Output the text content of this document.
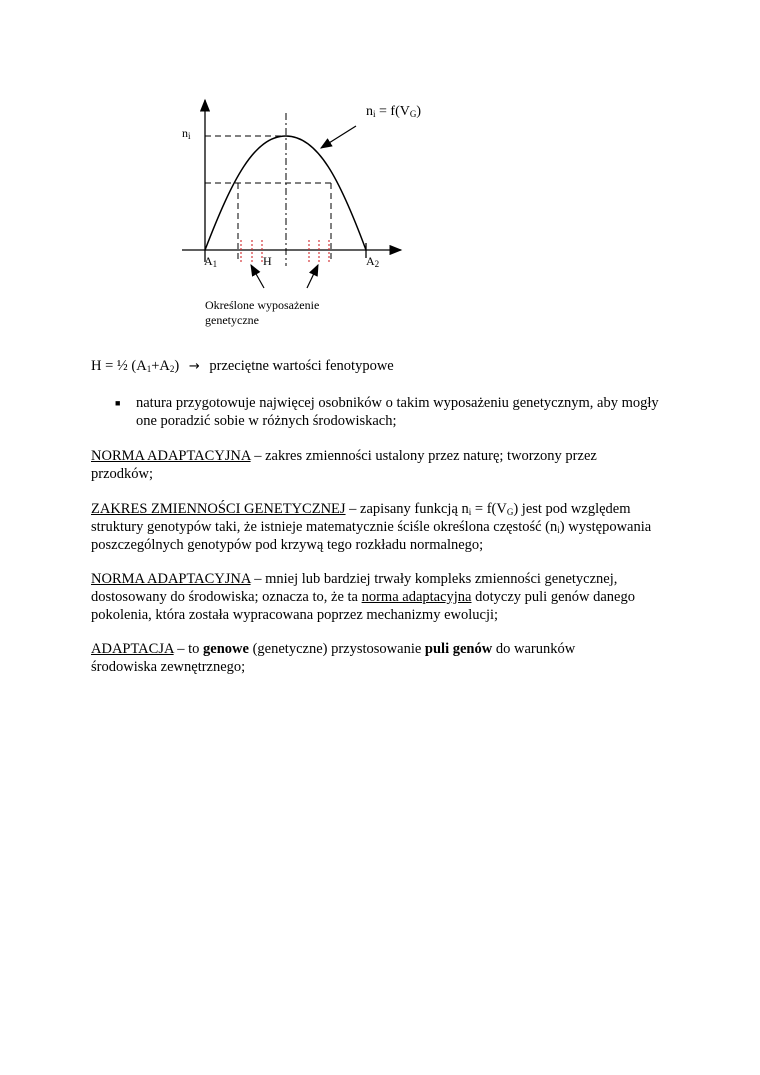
$n_i = f(V_G)$
$n_i$
$A_1$	H	$A_2$
Określone wyposażenie
genetyczne
H = ½ $(A_1+A_2)$ → przeciętne wartości fenotypowe
■ natura przygotowuje najwięcej osobników o takim wyposażeniu genetycznym, aby mogły one poradzić sobie w różnych środowiskach;
NORMA ADAPTACYJNA – zakres zmienności ustalony przez naturę; tworzony przez przodków;
ZAKRES ZMIENNOŚCI GENETYCZNEJ – zapisany funkcją $n_i = f(V_G)$ jest pod względem struktury genotypów taki, że istnieje matematycznie ściśle określona częstość $(n_i)$ występowania poszczególnych genotypów pod krzywą tego rozkładu normalnego;
NORMA ADAPTACYJNA – mniej lub bardziej trwały kompleks zmienności genetycznej, dostosowany do środowiska; oznacza to, że ta norma adaptacyjna dotyczy puli genów danego pokolenia, która została wypracowana poprzez mechanizmy ewolucji;
ADAPTACJA – to genowe (genetyczne) przystosowanie puli genów do warunków środowiska zewnętrznego;
